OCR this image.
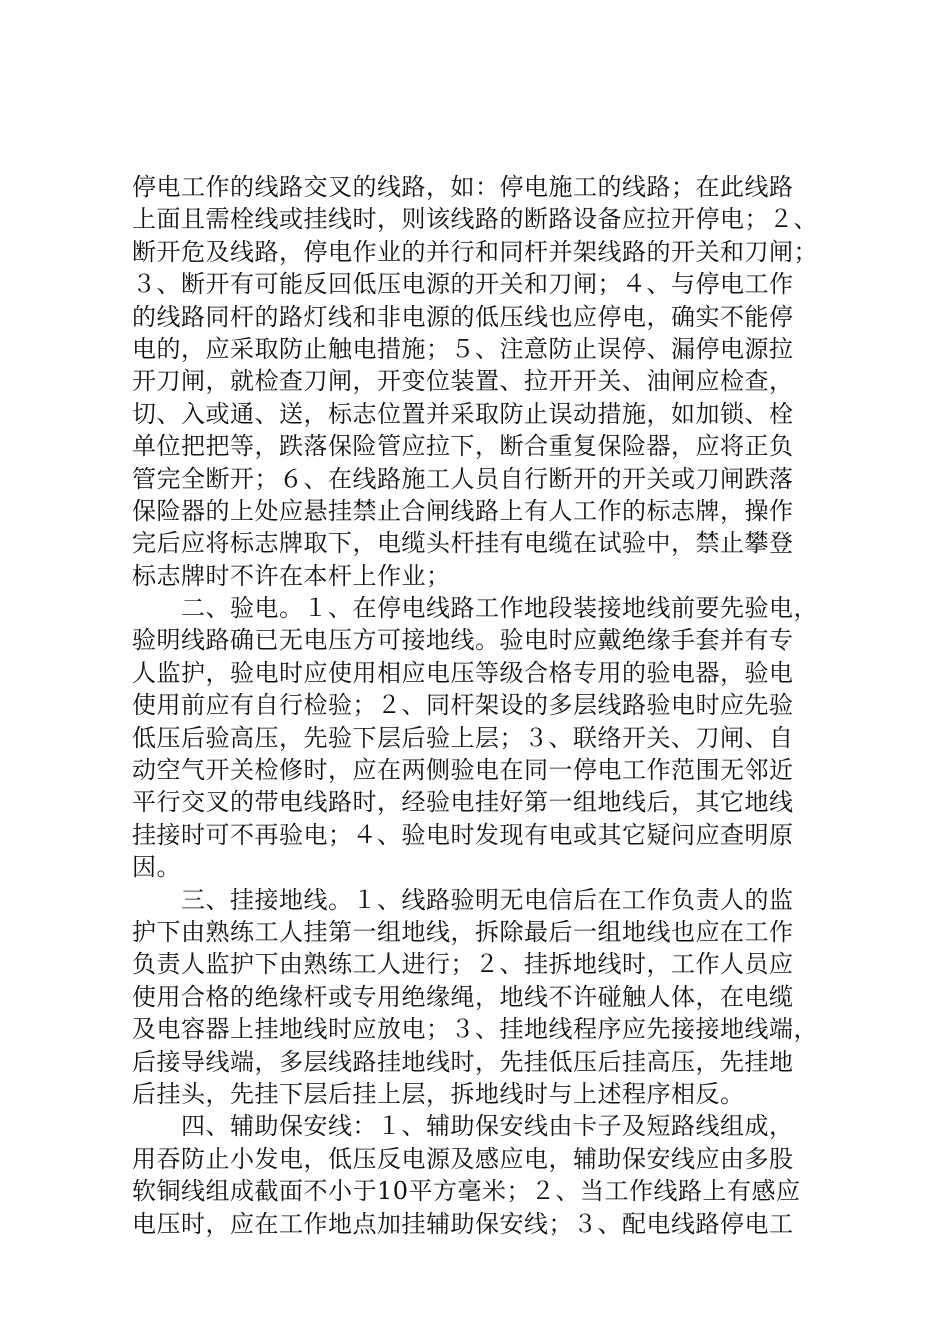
停电工作的线路交叉的线路，如：停电施工的线路；在此线路
上面且需栓线或挂线时，则该线路的断路设备应拉开停电；２、
断开危及线路，停电作业的并行和同杆并架线路的开关和刀闸；
３、断开有可能反回低压电源的开关和刀闸；４、与停电工作
的线路同杆的路灯线和非电源的低压线也应停电，确实不能停
电的，应采取防止触电措施；５、注意防止误停、漏停电源拉
开刀闸，就检查刀闸，开变位装置、拉开开关、油闸应检查，
切、入或通、送，标志位置并采取防止误动措施，如加锁、栓
单位把把等，跌落保险管应拉下，断合重复保险器，应将正负
管完全断开；６、在线路施工人员自行断开的开关或刀闸跌落
保险器的上处应悬挂禁止合闸线路上有人工作的标志牌，操作
完后应将标志牌取下，电缆头杆挂有电缆在试验中，禁止攀登
标志牌时不许在本杆上作业；
　　二、验电。１、在停电线路工作地段装接地线前要先验电，
验明线路确已无电压方可接地线。验电时应戴绝缘手套并有专
人监护，验电时应使用相应电压等级合格专用的验电器，验电
使用前应有自行检验；２、同杆架设的多层线路验电时应先验
低压后验高压，先验下层后验上层；３、联络开关、刀闸、自
动空气开关检修时，应在两侧验电在同一停电工作范围无邻近
平行交叉的带电线路时，经验电挂好第一组地线后，其它地线
挂接时可不再验电；４、验电时发现有电或其它疑问应查明原
因。
　　三、挂接地线。１、线路验明无电信后在工作负责人的监
护下由熟练工人挂第一组地线，拆除最后一组地线也应在工作
负责人监护下由熟练工人进行；２、挂拆地线时，工作人员应
使用合格的绝缘杆或专用绝缘绳，地线不许碰触人体，在电缆
及电容器上挂地线时应放电；３、挂地线程序应先接接地线端，
后接导线端，多层线路挂地线时，先挂低压后挂高压，先挂地
后挂头，先挂下层后挂上层，拆地线时与上述程序相反。
　　四、辅助保安线：１、辅助保安线由卡子及短路线组成，
用吞防止小发电，低压反电源及感应电，辅助保安线应由多股
软铜线组成截面不小于10平方毫米；２、当工作线路上有感应
电压时，应在工作地点加挂辅助保安线；３、配电线路停电工
